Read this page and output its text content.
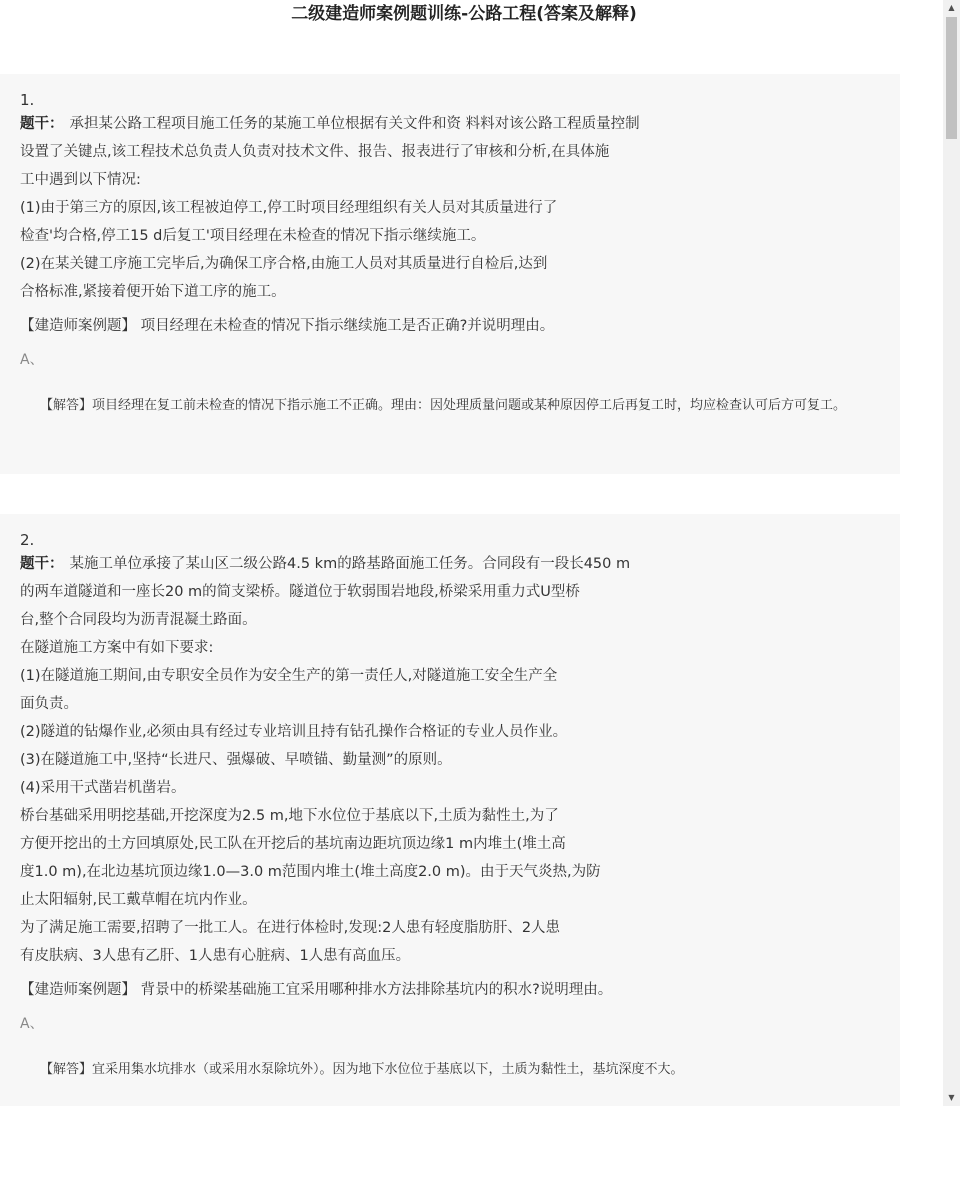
二级建造师案例题训练-公路工程(答案及解释)
1.
题干： 承担某公路工程项目施工任务的某施工单位根据有关文件和资 料料对该公路工程质量控制
设置了关键点,该工程技术总负责人负责对技术文件、报告、报表进行了审核和分析,在具体施
工中遇到以下情况:
(1)由于第三方的原因,该工程被迫停工,停工时项目经理组织有关人员对其质量进行了
检查'均合格,停工15 d后复工'项目经理在未检查的情况下指示继续施工。
(2)在某关键工序施工完毕后,为确保工序合格,由施工人员对其质量进行自检后,达到
合格标准,紧接着便开始下道工序的施工。
【建造师案例题】 项目经理在未检查的情况下指示继续施工是否正确?并说明理由。
A、
【解答】项目经理在复工前未检查的情况下指示施工不正确。理由：因处理质量问题或某种原因停工后再复工时，均应检查认可后方可复工。
2.
题干： 某施工单位承接了某山区二级公路4.5 km的路基路面施工任务。合同段有一段长450 m
的两车道隧道和一座长20 m的简支梁桥。隧道位于软弱围岩地段,桥梁采用重力式U型桥
台,整个合同段均为沥青混凝土路面。
在隧道施工方案中有如下要求:
(1)在隧道施工期间,由专职安全员作为安全生产的第一责任人,对隧道施工安全生产全
面负责。
(2)隧道的钻爆作业,必须由具有经过专业培训且持有钻孔操作合格证的专业人员作业。
(3)在隧道施工中,坚持“长进尺、强爆破、早喷锚、勤量测”的原则。
(4)采用干式凿岩机凿岩。
桥台基础采用明挖基础,开挖深度为2.5 m,地下水位位于基底以下,土质为黏性土,为了
方便开挖出的土方回填原处,民工队在开挖后的基坑南边距坑顶边缘1 m内堆土(堆土高
度1.0 m),在北边基坑顶边缘1.0—3.0 m范围内堆土(堆土高度2.0 m)。由于天气炎热,为防
止太阳辐射,民工戴草帽在坑内作业。
为了满足施工需要,招聘了一批工人。在进行体检时,发现:2人患有轻度脂肪肝、2人患
有皮肤病、3人患有乙肝、1人患有心脏病、1人患有高血压。
【建造师案例题】 背景中的桥梁基础施工宜采用哪种排水方法排除基坑内的积水?说明理由。
A、
【解答】宜采用集水坑排水（或采用水泵除坑外）。因为地下水位位于基底以下，土质为黏性土，基坑深度不大。
▲
▼
